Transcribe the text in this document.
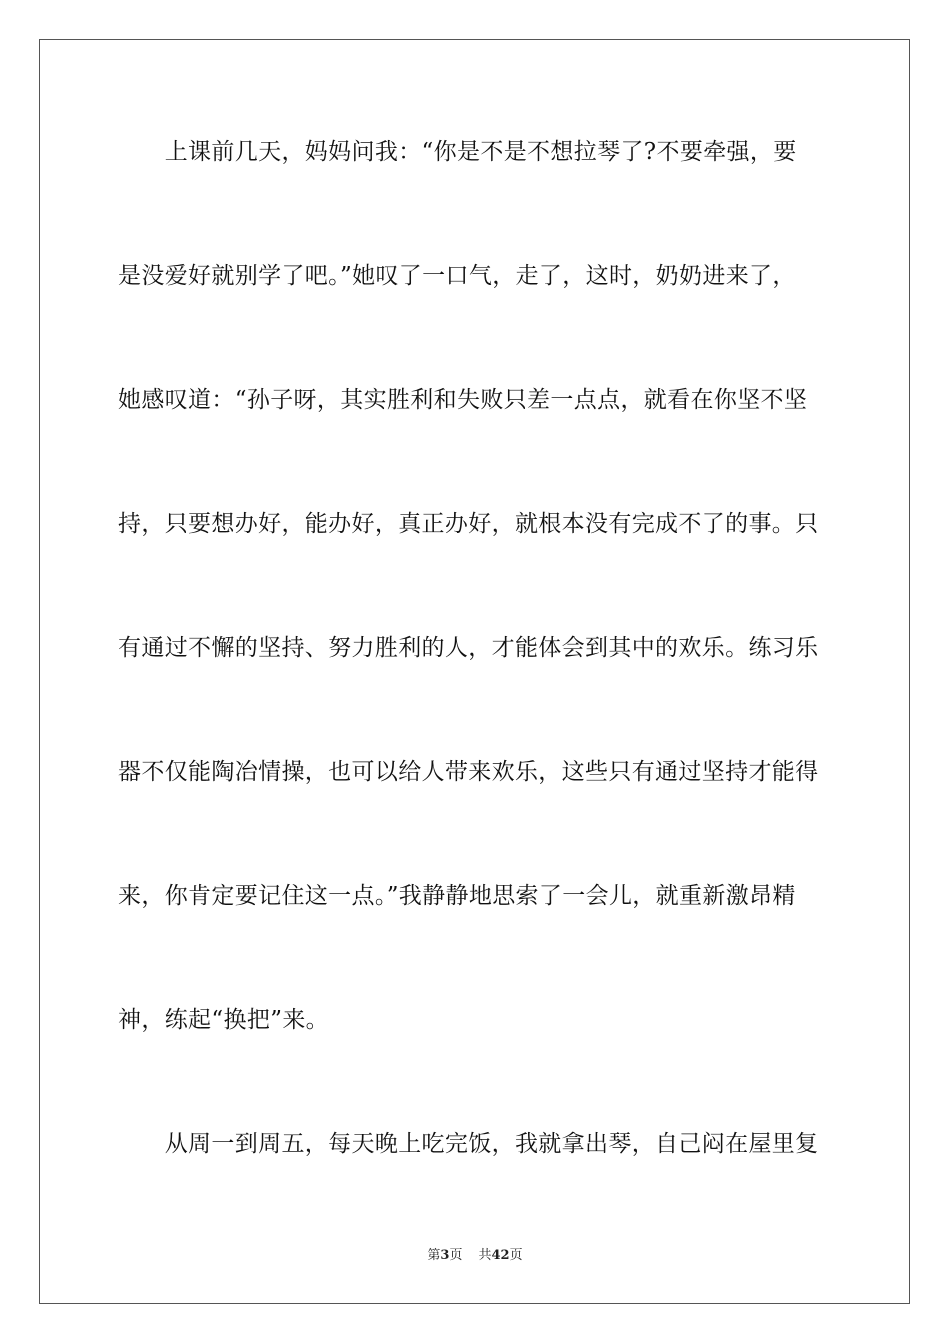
　　上课前几天，妈妈问我：“你是不是不想拉琴了?不要牵强，要
是没爱好就别学了吧。”她叹了一口气，走了，这时，奶奶进来了，
她感叹道：“孙子呀，其实胜利和失败只差一点点，就看在你坚不坚
持，只要想办好，能办好，真正办好，就根本没有完成不了的事。只
有通过不懈的坚持、努力胜利的人，才能体会到其中的欢乐。练习乐
器不仅能陶冶情操，也可以给人带来欢乐，这些只有通过坚持才能得
来，你肯定要记住这一点。”我静静地思索了一会儿，就重新激昂精
神，练起“换把”来。
　　从周一到周五，每天晚上吃完饭，我就拿出琴，自己闷在屋里复
第3页 共42页
